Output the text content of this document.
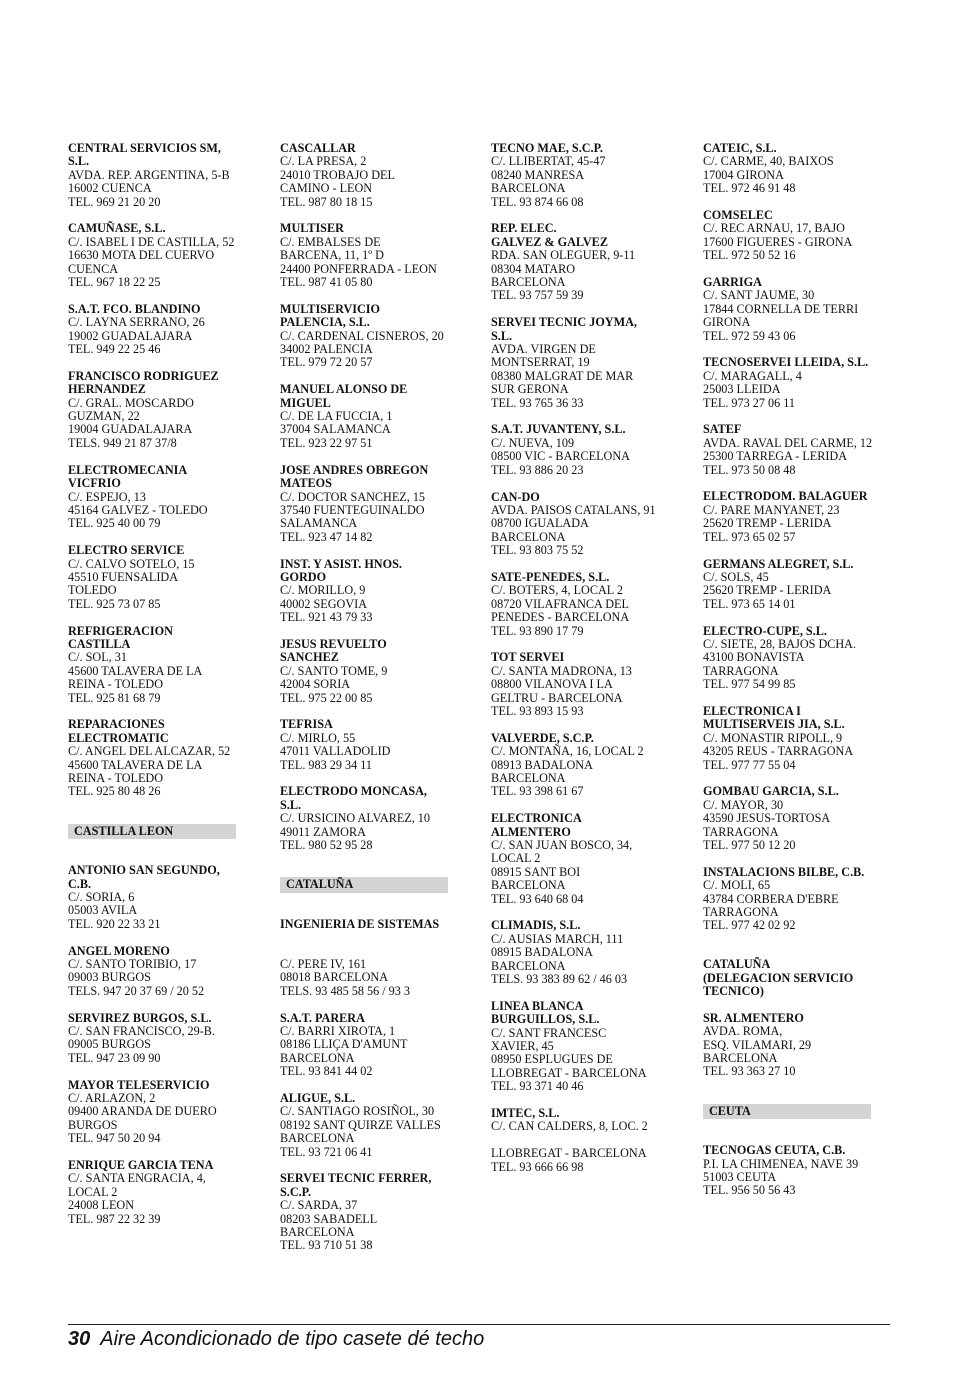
CENTRAL SERVICIOS SM,
S.L.
AVDA. REP. ARGENTINA, 5-B
16002 CUENCA
TEL. 969 21 20 20
CAMUÑASE, S.L.
C/. ISABEL I DE CASTILLA, 52
16630 MOTA DEL CUERVO
CUENCA
TEL. 967 18 22 25
S.A.T. FCO. BLANDINO
C/. LAYNA SERRANO, 26
19002 GUADALAJARA
TEL. 949 22 25 46
FRANCISCO RODRIGUEZ
HERNANDEZ
C/. GRAL. MOSCARDO
GUZMAN, 22
19004 GUADALAJARA
TELS. 949 21 87 37/8
ELECTROMECANIA
VICFRIO
C/. ESPEJO, 13
45164 GALVEZ - TOLEDO
TEL. 925 40 00 79
ELECTRO SERVICE
C/. CALVO SOTELO, 15
45510 FUENSALIDA
TOLEDO
TEL. 925 73 07 85
REFRIGERACION
CASTILLA
C/. SOL, 31
45600 TALAVERA DE LA
REINA - TOLEDO
TEL. 925 81 68 79
REPARACIONES
ELECTROMATIC
C/. ANGEL DEL ALCAZAR, 52
45600 TALAVERA DE LA
REINA - TOLEDO
TEL. 925 80 48 26
CASTILLA LEON
ANTONIO SAN SEGUNDO,
C.B.
C/. SORIA, 6
05003 AVILA
TEL. 920 22 33 21
ANGEL MORENO
C/. SANTO TORIBIO, 17
09003 BURGOS
TELS. 947 20 37 69 / 20 52
SERVIREZ BURGOS, S.L.
C/. SAN FRANCISCO, 29-B.
09005 BURGOS
TEL. 947 23 09 90
MAYOR TELESERVICIO
C/. ARLAZON, 2
09400 ARANDA DE DUERO
BURGOS
TEL. 947 50 20 94
ENRIQUE GARCIA TENA
C/. SANTA ENGRACIA, 4,
LOCAL 2
24008 LEON
TEL. 987 22 32 39
CASCALLAR
C/. LA PRESA, 2
24010 TROBAJO DEL
CAMINO - LEON
TEL. 987 80 18 15
MULTISER
C/. EMBALSES DE
BARCENA, 11, 1º D
24400 PONFERRADA - LEON
TEL. 987 41 05 80
MULTISERVICIO
PALENCIA, S.L.
C/. CARDENAL CISNEROS, 20
34002 PALENCIA
TEL. 979 72 20 57
MANUEL ALONSO DE
MIGUEL
C/. DE LA FUCCIA, 1
37004 SALAMANCA
TEL. 923 22 97 51
JOSE ANDRES OBREGON
MATEOS
C/. DOCTOR SANCHEZ, 15
37540 FUENTEGUINALDO
SALAMANCA
TEL. 923 47 14 82
INST. Y ASIST. HNOS.
GORDO
C/. MORILLO, 9
40002 SEGOVIA
TEL. 921 43 79 33
JESUS REVUELTO
SANCHEZ
C/. SANTO TOME, 9
42004 SORIA
TEL. 975 22 00 85
TEFRISA
C/. MIRLO, 55
47011 VALLADOLID
TEL. 983 29 34 11
ELECTRODO MONCASA,
S.L.
C/. URSICINO ALVAREZ, 10
49011 ZAMORA
TEL. 980 52 95 28
CATALUÑA
INGENIERIA DE SISTEMAS
C/. PERE IV, 161
08018 BARCELONA
TELS. 93 485 58 56 / 93 3
S.A.T. PARERA
C/. BARRI XIROTA, 1
08186 LLIÇA D'AMUNT
BARCELONA
TEL. 93 841 44 02
ALIGUE, S.L.
C/. SANTIAGO ROSIÑOL, 30
08192 SANT QUIRZE VALLES
BARCELONA
TEL. 93 721 06 41
SERVEI TECNIC FERRER,
S.C.P.
C/. SARDA, 37
08203 SABADELL
BARCELONA
TEL. 93 710 51 38
TECNO MAE, S.C.P.
C/. LLIBERTAT, 45-47
08240 MANRESA
BARCELONA
TEL. 93 874 66 08
REP. ELEC.
GALVEZ & GALVEZ
RDA. SAN OLEGUER, 9-11
08304 MATARO
BARCELONA
TEL. 93 757 59 39
SERVEI TECNIC JOYMA,
S.L.
AVDA. VIRGEN DE
MONTSERRAT, 19
08380 MALGRAT DE MAR
SUR GERONA
TEL. 93 765 36 33
S.A.T. JUVANTENY, S.L.
C/. NUEVA, 109
08500 VIC - BARCELONA
TEL. 93 886 20 23
CAN-DO
AVDA. PAISOS CATALANS, 91
08700 IGUALADA
BARCELONA
TEL. 93 803 75 52
SATE-PENEDES, S.L.
C/. BOTERS, 4, LOCAL 2
08720 VILAFRANCA DEL
PENEDES - BARCELONA
TEL. 93 890 17 79
TOT SERVEI
C/. SANTA MADRONA, 13
08800 VILANOVA I LA
GELTRU - BARCELONA
TEL. 93 893 15 93
VALVERDE, S.C.P.
C/. MONTAÑA, 16, LOCAL 2
08913 BADALONA
BARCELONA
TEL. 93 398 61 67
ELECTRONICA
ALMENTERO
C/. SAN JUAN BOSCO, 34,
LOCAL 2
08915 SANT BOI
BARCELONA
TEL. 93 640 68 04
CLIMADIS, S.L.
C/. AUSIAS MARCH, 111
08915 BADALONA
BARCELONA
TELS. 93 383 89 62 / 46 03
LINEA BLANCA
BURGUILLOS, S.L.
C/. SANT FRANCESC
XAVIER, 45
08950 ESPLUGUES DE
LLOBREGAT - BARCELONA
TEL. 93 371 40 46
IMTEC, S.L.
C/. CAN CALDERS, 8, LOC. 2
LLOBREGAT - BARCELONA
TEL. 93 666 66 98
CATEIC, S.L.
C/. CARME, 40, BAIXOS
17004 GIRONA
TEL. 972 46 91 48
COMSELEC
C/. REC ARNAU, 17, BAJO
17600 FIGUERES - GIRONA
TEL. 972 50 52 16
GARRIGA
C/. SANT JAUME, 30
17844 CORNELLA DE TERRI
GIRONA
TEL. 972 59 43 06
TECNOSERVEI LLEIDA, S.L.
C/. MARAGALL, 4
25003 LLEIDA
TEL. 973 27 06 11
SATEF
AVDA. RAVAL DEL CARME, 12
25300 TARREGA - LERIDA
TEL. 973 50 08 48
ELECTRODOM. BALAGUER
C/. PARE MANYANET, 23
25620 TREMP - LERIDA
TEL. 973 65 02 57
GERMANS ALEGRET, S.L.
C/. SOLS, 45
25620 TREMP - LERIDA
TEL. 973 65 14 01
ELECTRO-CUPE, S.L.
C/. SIETE, 28, BAJOS DCHA.
43100 BONAVISTA
TARRAGONA
TEL. 977 54 99 85
ELECTRONICA I
MULTISERVEIS JIA, S.L.
C/. MONASTIR RIPOLL, 9
43205 REUS - TARRAGONA
TEL. 977 77 55 04
GOMBAU GARCIA, S.L.
C/. MAYOR, 30
43590 JESUS-TORTOSA
TARRAGONA
TEL. 977 50 12 20
INSTALACIONS BILBE, C.B.
C/. MOLI, 65
43784 CORBERA D'EBRE
TARRAGONA
TEL. 977 42 02 92
CATALUÑA
(DELEGACION SERVICIO
TECNICO)
SR. ALMENTERO
AVDA. ROMA,
ESQ. VILAMARI, 29
BARCELONA
TEL. 93 363 27 10
CEUTA
TECNOGAS CEUTA, C.B.
P.I. LA CHIMENEA, NAVE 39
51003 CEUTA
TEL. 956 50 56 43
30 Aire Acondicionado de tipo casete dé techo
